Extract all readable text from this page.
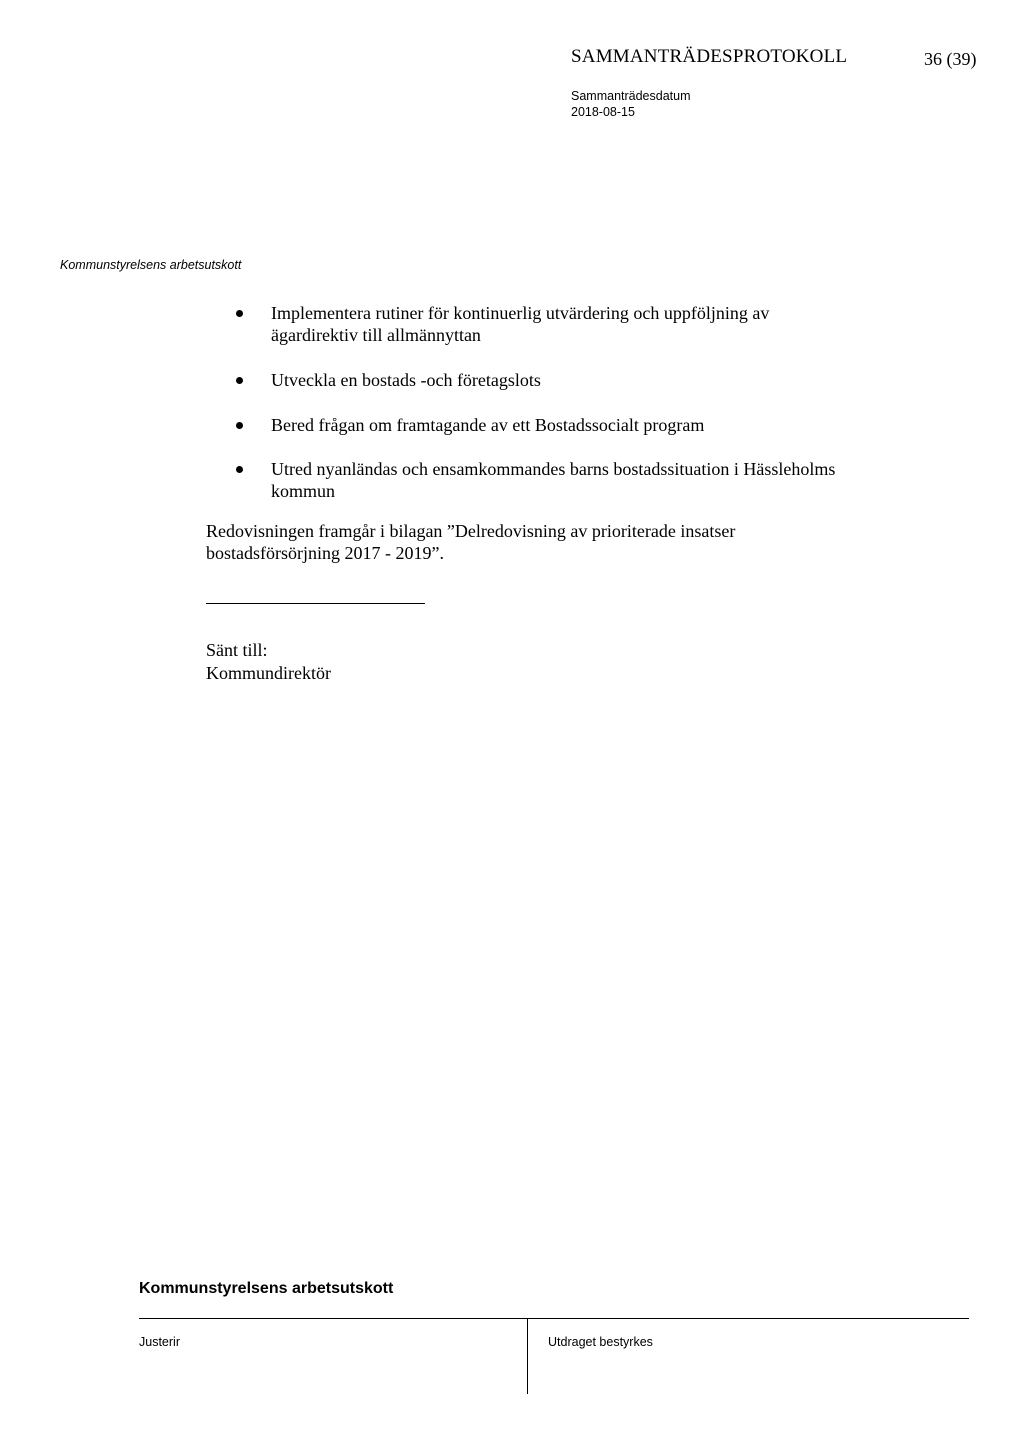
SAMMANTRÄDESPROTOKOLL	36 (39)
Sammanträdesdatum
2018-08-15
Kommunstyrelsens arbetsutskott
Implementera rutiner för kontinuerlig utvärdering och uppföljning av ägardirektiv till allmännyttan
Utveckla en bostads -och företagslots
Bered frågan om framtagande av ett Bostadssocialt program
Utred nyanländas och ensamkommandes barns bostadssituation i Hässleholms kommun
Redovisningen framgår i bilagan ”Delredovisning av prioriterade insatser bostadsförsörjning 2017 - 2019”.
Sänt till:
Kommundirektör
Kommunstyrelsens arbetsutskott
Justerir	Utdraget bestyrkes
